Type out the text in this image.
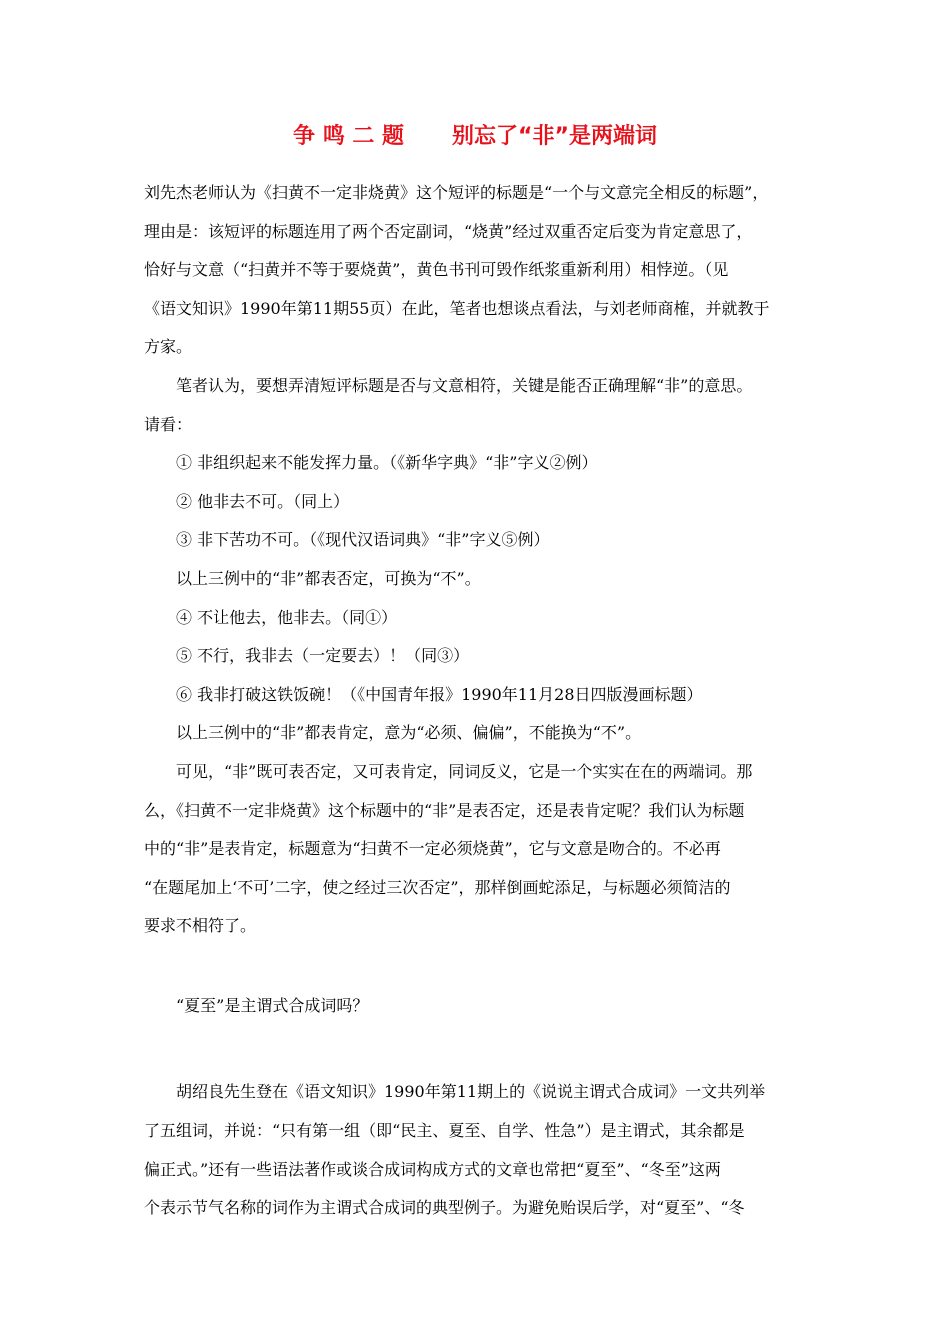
争 鸣 二 题 别忘了“非”是两端词
刘先杰老师认为《扫黄不一定非烧黄》这个短评的标题是“一个与文意完全相反的标题”，
理由是：该短评的标题连用了两个否定副词，“烧黄”经过双重否定后变为肯定意思了，
恰好与文意（“扫黄并不等于要烧黄”，黄色书刊可毁作纸浆重新利用）相悖逆。（见
《语文知识》1990年第11期55页）在此，笔者也想谈点看法，与刘老师商榷，并就教于
方家。
笔者认为，要想弄清短评标题是否与文意相符，关键是能否正确理解“非”的意思。
请看：
① 非组织起来不能发挥力量。（《新华字典》“非”字义②例）
② 他非去不可。（同上）
③ 非下苦功不可。（《现代汉语词典》“非”字义⑤例）
以上三例中的“非”都表否定，可换为“不”。
④ 不让他去，他非去。（同①）
⑤ 不行，我非去（一定要去）！（同③）
⑥ 我非打破这铁饭碗！（《中国青年报》1990年11月28日四版漫画标题）
以上三例中的“非”都表肯定，意为“必须、偏偏”，不能换为“不”。
可见，“非”既可表否定，又可表肯定，同词反义，它是一个实实在在的两端词。那
么，《扫黄不一定非烧黄》这个标题中的“非”是表否定，还是表肯定呢？我们认为标题
中的“非”是表肯定，标题意为“扫黄不一定必须烧黄”，它与文意是吻合的。不必再
“在题尾加上‘不可’二字，使之经过三次否定”，那样倒画蛇添足，与标题必须简洁的
要求不相符了。
“夏至”是主谓式合成词吗？
胡绍良先生登在《语文知识》1990年第11期上的《说说主谓式合成词》一文共列举
了五组词，并说：“只有第一组（即“民主、夏至、自学、性急”）是主谓式，其余都是
偏正式。”还有一些语法著作或谈合成词构成方式的文章也常把“夏至”、“冬至”这两
个表示节气名称的词作为主谓式合成词的典型例子。为避免贻误后学，对“夏至”、“冬
